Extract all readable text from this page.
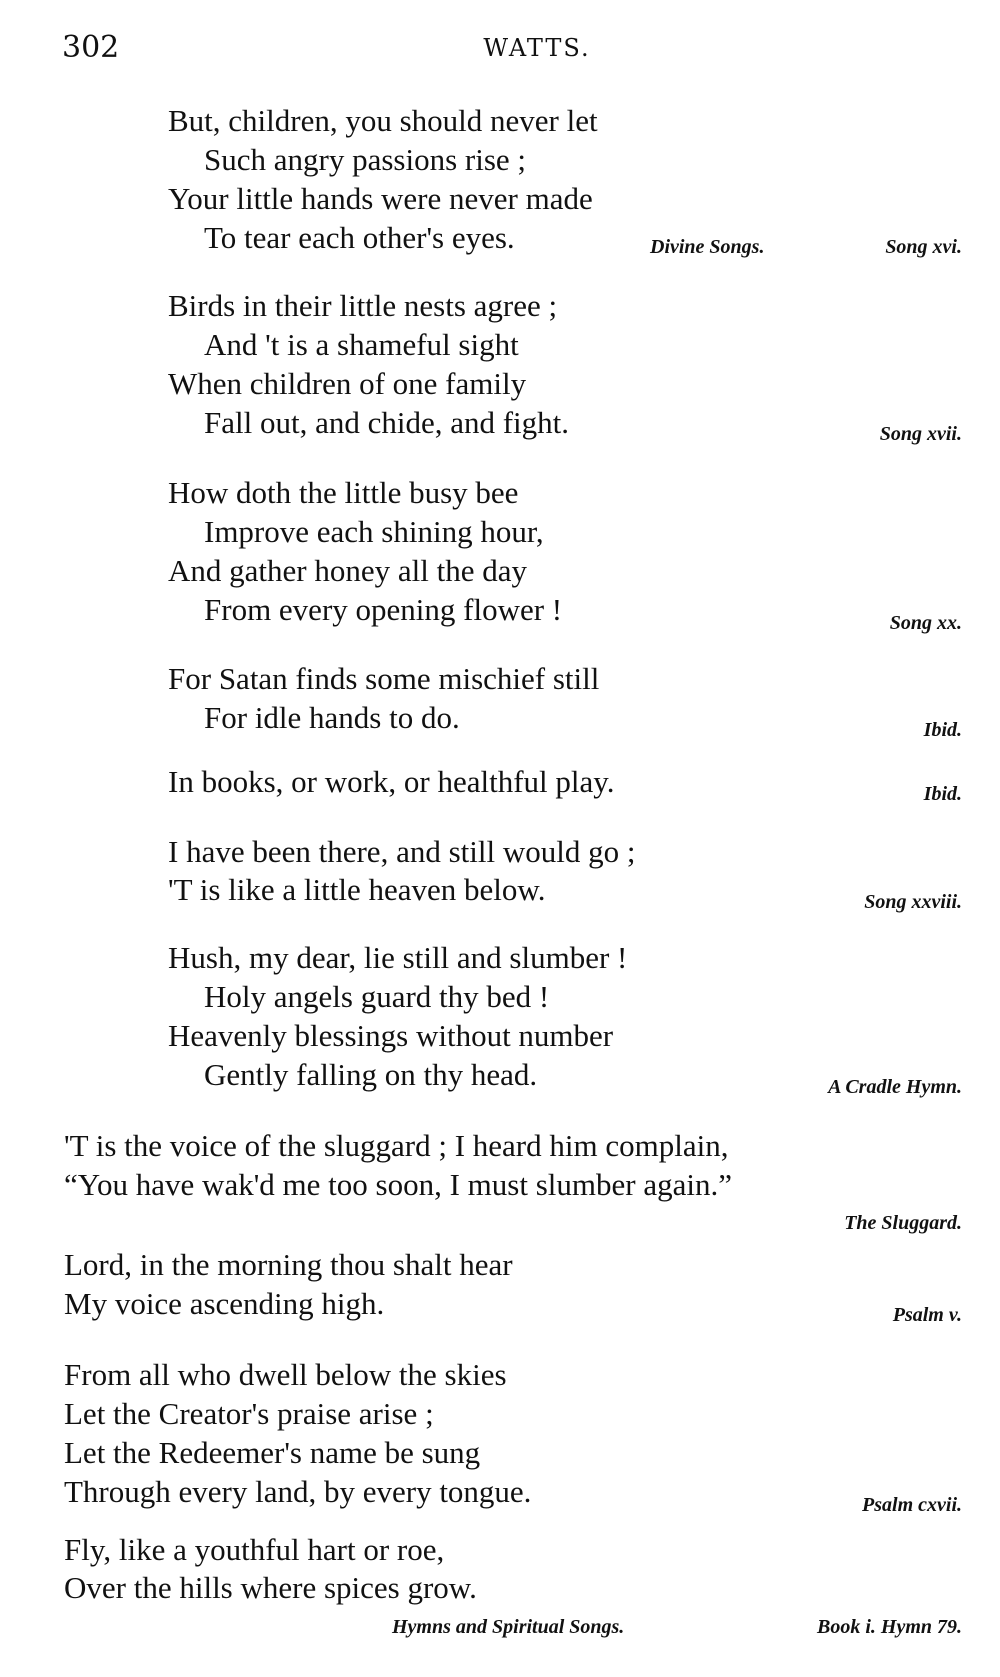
302	WATTS.
But, children, you should never let
Such angry passions rise ;
Your little hands were never made
To tear each other's eyes.	Divine Songs.	Song xvi.
Birds in their little nests agree ;
And 't is a shameful sight
When children of one family
Fall out, and chide, and fight.	Song xvii.
How doth the little busy bee
Improve each shining hour,
And gather honey all the day
From every opening flower !	Song xx.
For Satan finds some mischief still
For idle hands to do.	Ibid.
In books, or work, or healthful play.	Ibid.
I have been there, and still would go ;
'T is like a little heaven below.	Song xxviii.
Hush, my dear, lie still and slumber !
Holy angels guard thy bed !
Heavenly blessings without number
Gently falling on thy head.	A Cradle Hymn.
'T is the voice of the sluggard ; I heard him complain,
“You have wak'd me too soon, I must slumber again.”
The Sluggard.
Lord, in the morning thou shalt hear
My voice ascending high.	Psalm v.
From all who dwell below the skies
Let the Creator's praise arise ;
Let the Redeemer's name be sung
Through every land, by every tongue.	Psalm cxvii.
Fly, like a youthful hart or roe,
Over the hills where spices grow.
Hymns and Spiritual Songs.	Book i. Hymn 79.
